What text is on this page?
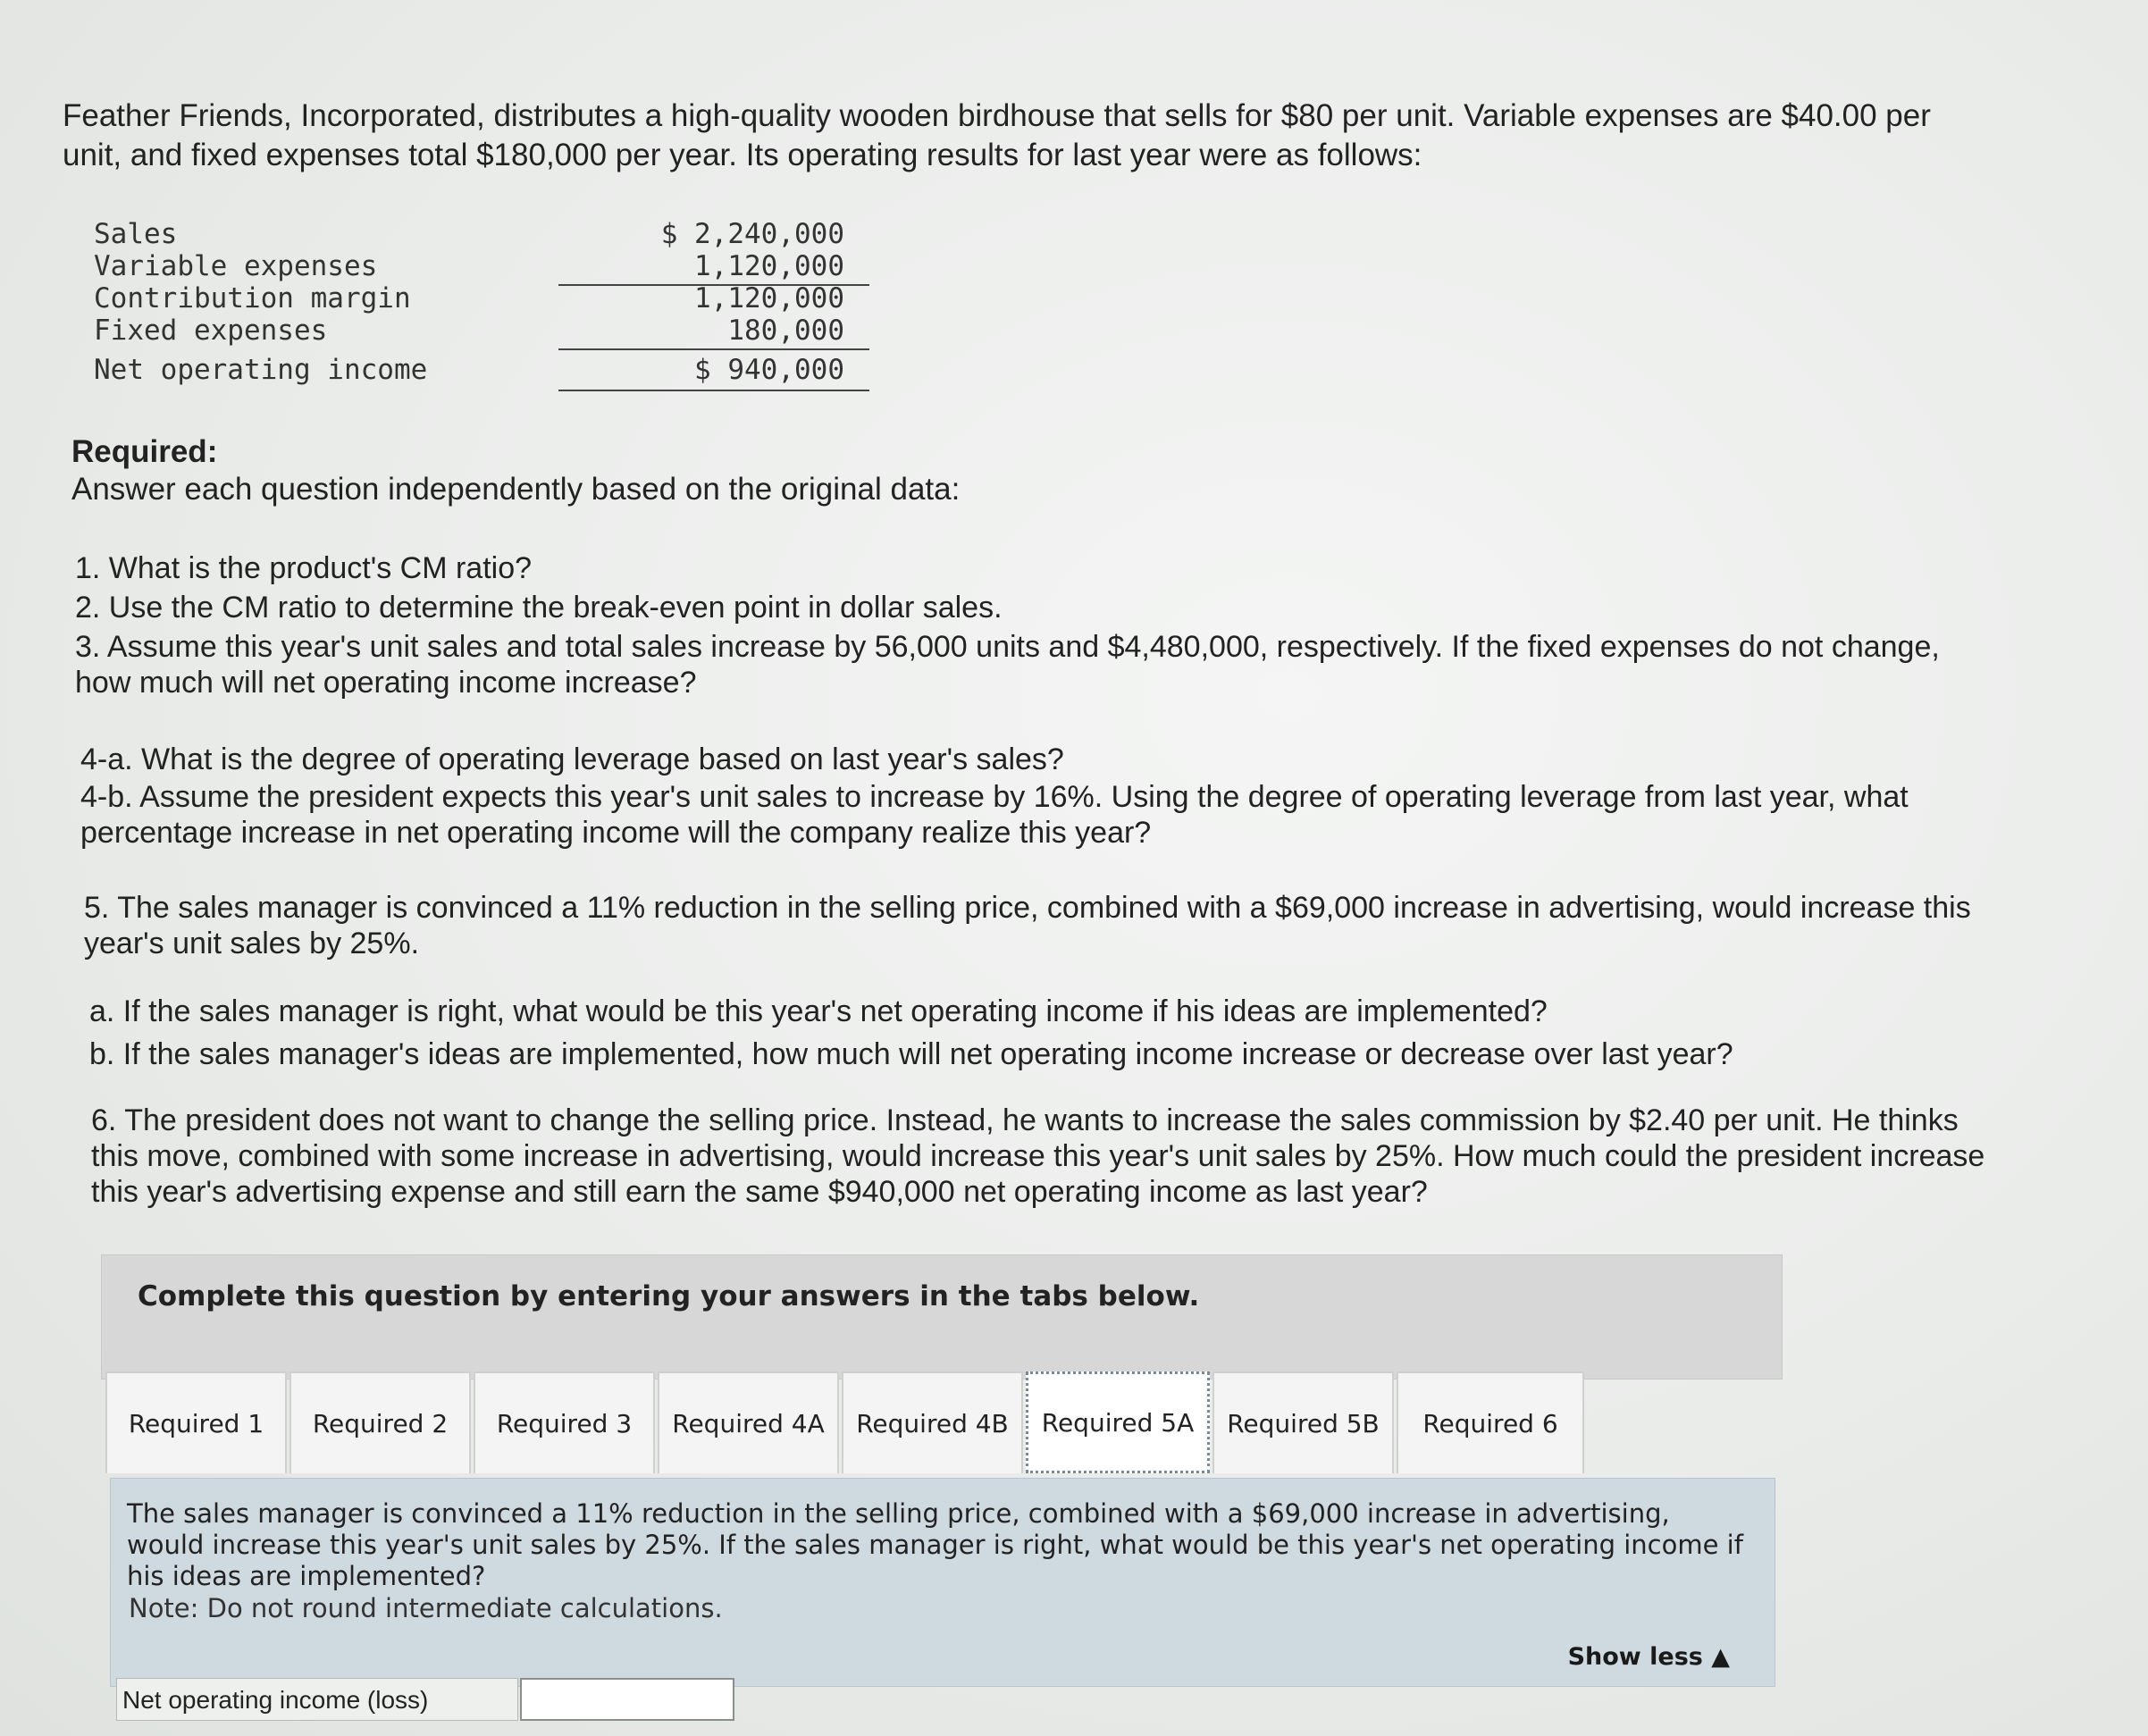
Feather Friends, Incorporated, distributes a high-quality wooden birdhouse that sells for $80 per unit. Variable expenses are $40.00 per unit, and fixed expenses total $180,000 per year. Its operating results for last year were as follows:
Sales	$ 2,240,000
Variable expenses	1,120,000
Contribution margin	1,120,000
Fixed expenses	180,000
Net operating income	$ 940,000
Required:
Answer each question independently based on the original data:
1. What is the product's CM ratio?
2. Use the CM ratio to determine the break-even point in dollar sales.
3. Assume this year's unit sales and total sales increase by 56,000 units and $4,480,000, respectively. If the fixed expenses do not change, how much will net operating income increase?
4-a. What is the degree of operating leverage based on last year's sales?
4-b. Assume the president expects this year's unit sales to increase by 16%. Using the degree of operating leverage from last year, what percentage increase in net operating income will the company realize this year?
5. The sales manager is convinced a 11% reduction in the selling price, combined with a $69,000 increase in advertising, would increase this year's unit sales by 25%.
a. If the sales manager is right, what would be this year's net operating income if his ideas are implemented?
b. If the sales manager's ideas are implemented, how much will net operating income increase or decrease over last year?
6. The president does not want to change the selling price. Instead, he wants to increase the sales commission by $2.40 per unit. He thinks this move, combined with some increase in advertising, would increase this year's unit sales by 25%. How much could the president increase this year's advertising expense and still earn the same $940,000 net operating income as last year?
Complete this question by entering your answers in the tabs below.
Required 1	Required 2	Required 3	Required 4A	Required 4B	Required 5A	Required 5B	Required 6
The sales manager is convinced a 11% reduction in the selling price, combined with a $69,000 increase in advertising, would increase this year's unit sales by 25%. If the sales manager is right, what would be this year's net operating income if his ideas are implemented?
Note: Do not round intermediate calculations.
Show less ▲
Net operating income (loss)
